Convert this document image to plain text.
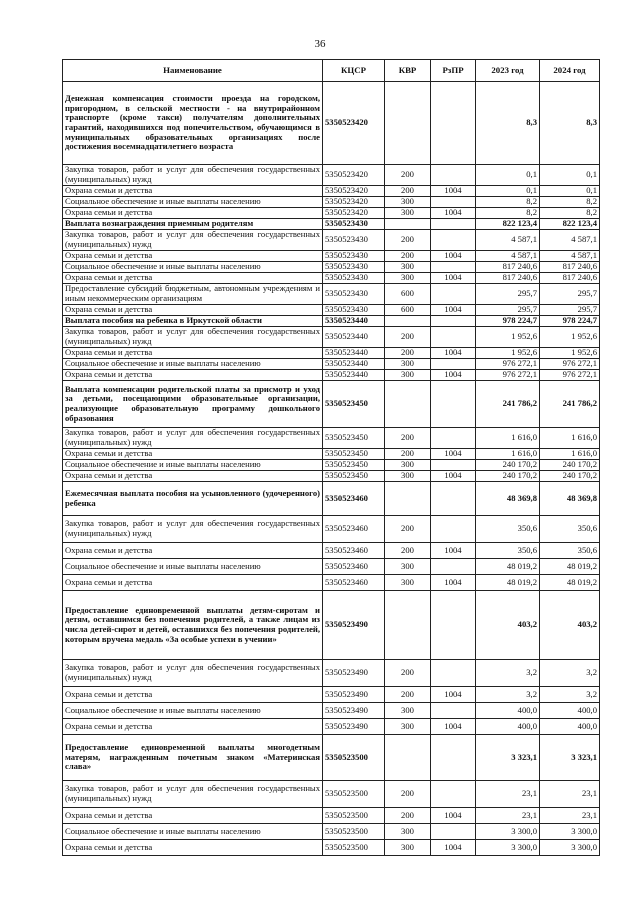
36
Наименование	КЦСР	КВР	РзПР	2023 год	2024 год
Денежная компенсация стоимости проезда на городском, пригородном, в сельской местности - на внутрирайонном транспорте (кроме такси) получателям дополнительных гарантий, находившихся под попечительством, обучающимся в муниципальных образовательных организациях после достижения восемнадцатилетнего возраста	5350523420			8,3	8,3
Закупка товаров, работ и услуг для обеспечения государственных (муниципальных) нужд	5350523420	200		0,1	0,1
Охрана семьи и детства	5350523420	200	1004	0,1	0,1
Социальное обеспечение и иные выплаты населению	5350523420	300		8,2	8,2
Охрана семьи и детства	5350523420	300	1004	8,2	8,2
Выплата вознаграждения приемным родителям	5350523430			822 123,4	822 123,4
Закупка товаров, работ и услуг для обеспечения государственных (муниципальных) нужд	5350523430	200		4 587,1	4 587,1
Охрана семьи и детства	5350523430	200	1004	4 587,1	4 587,1
Социальное обеспечение и иные выплаты населению	5350523430	300		817 240,6	817 240,6
Охрана семьи и детства	5350523430	300	1004	817 240,6	817 240,6
Предоставление субсидий бюджетным, автономным учреждениям и иным некоммерческим организациям	5350523430	600		295,7	295,7
Охрана семьи и детства	5350523430	600	1004	295,7	295,7
Выплата пособия на ребенка в Иркутской области	5350523440			978 224,7	978 224,7
Закупка товаров, работ и услуг для обеспечения государственных (муниципальных) нужд	5350523440	200		1 952,6	1 952,6
Охрана семьи и детства	5350523440	200	1004	1 952,6	1 952,6
Социальное обеспечение и иные выплаты населению	5350523440	300		976 272,1	976 272,1
Охрана семьи и детства	5350523440	300	1004	976 272,1	976 272,1
Выплата компенсации родительской платы за присмотр и уход за детьми, посещающими образовательные организации, реализующие образовательную программу дошкольного образования	5350523450			241 786,2	241 786,2
Закупка товаров, работ и услуг для обеспечения государственных (муниципальных) нужд	5350523450	200		1 616,0	1 616,0
Охрана семьи и детства	5350523450	200	1004	1 616,0	1 616,0
Социальное обеспечение и иные выплаты населению	5350523450	300		240 170,2	240 170,2
Охрана семьи и детства	5350523450	300	1004	240 170,2	240 170,2
Ежемесячная выплата пособия на усыновленного (удочеренного) ребенка	5350523460			48 369,8	48 369,8
Закупка товаров, работ и услуг для обеспечения государственных (муниципальных) нужд	5350523460	200		350,6	350,6
Охрана семьи и детства	5350523460	200	1004	350,6	350,6
Социальное обеспечение и иные выплаты населению	5350523460	300		48 019,2	48 019,2
Охрана семьи и детства	5350523460	300	1004	48 019,2	48 019,2
Предоставление единовременной выплаты детям-сиротам и детям, оставшимся без попечения родителей, а также лицам из числа детей-сирот и детей, оставшихся без попечения родителей, которым вручена медаль «За особые успехи в учении»	5350523490			403,2	403,2
Закупка товаров, работ и услуг для обеспечения государственных (муниципальных) нужд	5350523490	200		3,2	3,2
Охрана семьи и детства	5350523490	200	1004	3,2	3,2
Социальное обеспечение и иные выплаты населению	5350523490	300		400,0	400,0
Охрана семьи и детства	5350523490	300	1004	400,0	400,0
Предоставление единовременной выплаты многодетным матерям, награжденным почетным знаком «Материнская слава»	5350523500			3 323,1	3 323,1
Закупка товаров, работ и услуг для обеспечения государственных (муниципальных) нужд	5350523500	200		23,1	23,1
Охрана семьи и детства	5350523500	200	1004	23,1	23,1
Социальное обеспечение и иные выплаты населению	5350523500	300		3 300,0	3 300,0
Охрана семьи и детства	5350523500	300	1004	3 300,0	3 300,0
